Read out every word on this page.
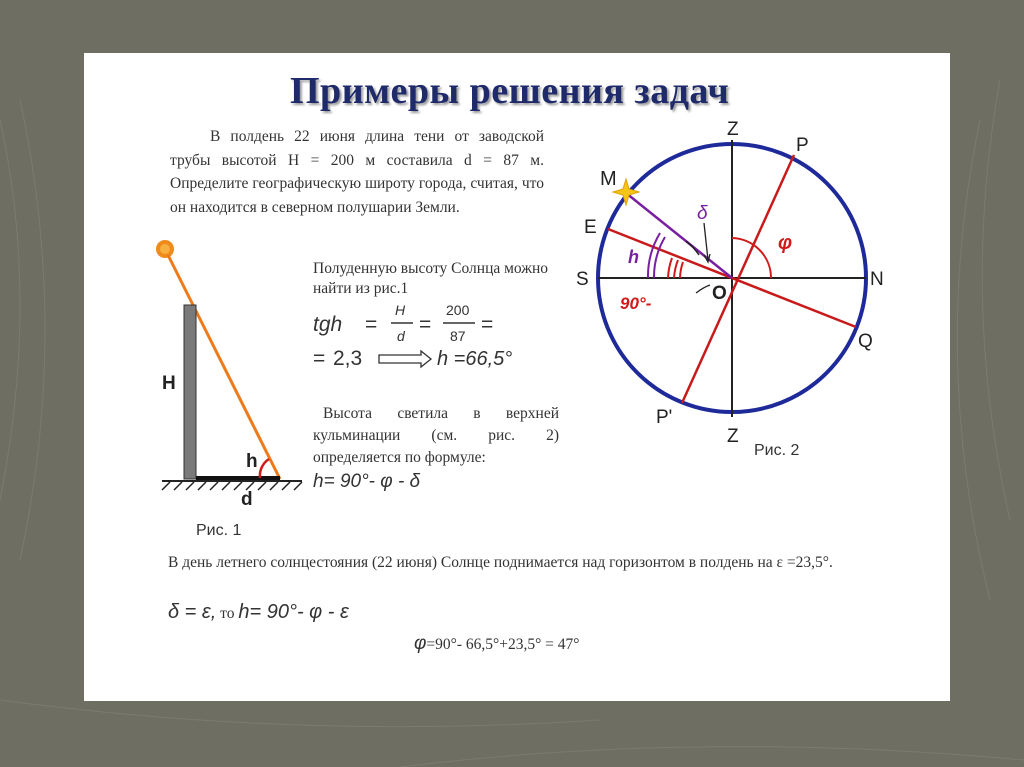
Примеры решения задач
В полдень 22 июня длина тени от заводской трубы высотой Н = 200 м составила d = 87 м. Определите географическую широту города, считая, что он находится в северном полушарии Земли.
H
h
d
Рис. 1
Полуденную высоту Солнца можно найти из рис.1
tgh =
H
d =
200
87 =
= 2,3	h =66,5°
Высота светила в верхней кульминации (см. рис. 2) определяется по формуле:
h= 90°- φ - δ
Z
P
M
E
S	N
O
Q
P'
Z
δ
h
φ
90°-
Рис. 2
В день летнего солнцестояния (22 июня) Солнце поднимается над горизонтом в полдень на ε =23,5°.
δ = ε, то h= 90°- φ - ε
φ=90°- 66,5°+23,5° = 47°
